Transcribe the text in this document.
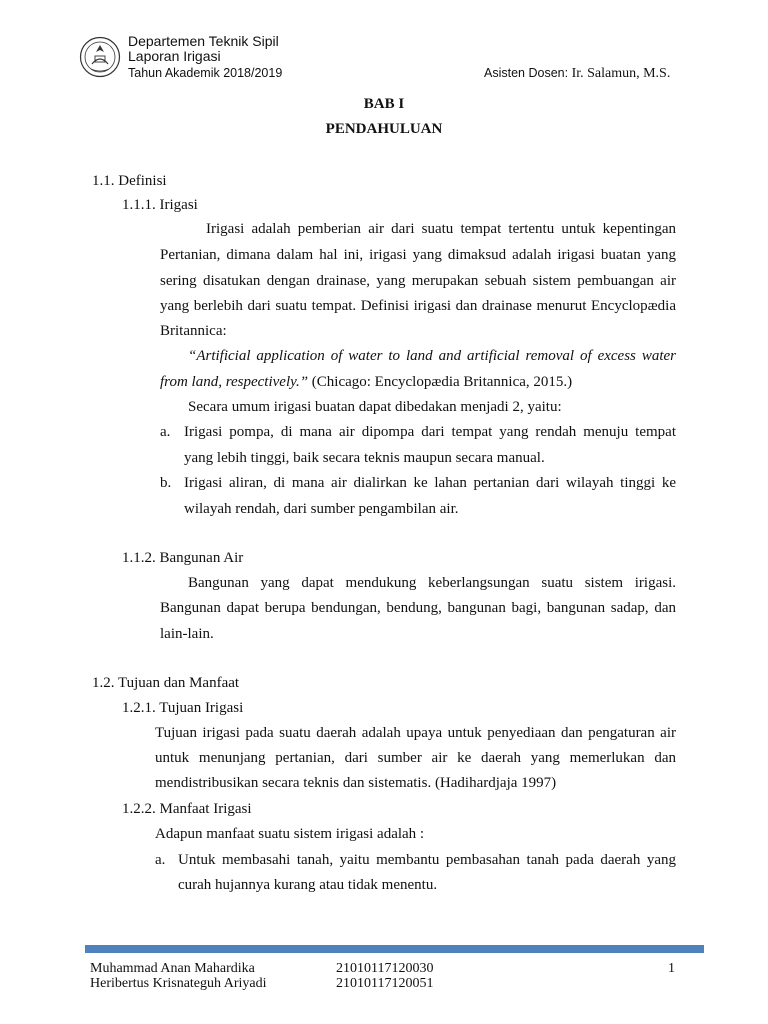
Departemen Teknik Sipil
Laporan Irigasi
Tahun Akademik 2018/2019	Asisten Dosen: Ir. Salamun, M.S.
BAB I
PENDAHULUAN
1.1. Definisi
1.1.1. Irigasi
Irigasi adalah pemberian air dari suatu tempat tertentu untuk kepentingan
Pertanian, dimana dalam hal ini, irigasi yang dimaksud adalah irigasi buatan yang
sering disatukan dengan drainase, yang merupakan sebuah sistem pembuangan air
yang berlebih dari suatu tempat. Definisi irigasi dan drainase menurut Encyclopædia
Britannica:
“Artificial application of water to land and artificial removal of excess water
from land, respectively.” (Chicago: Encyclopædia Britannica, 2015.)
Secara umum irigasi buatan dapat dibedakan menjadi 2, yaitu:
a. Irigasi pompa, di mana air dipompa dari tempat yang rendah menuju tempat
yang lebih tinggi, baik secara teknis maupun secara manual.
b. Irigasi aliran, di mana air dialirkan ke lahan pertanian dari wilayah tinggi ke
wilayah rendah, dari sumber pengambilan air.
1.1.2. Bangunan Air
Bangunan yang dapat mendukung keberlangsungan suatu sistem irigasi.
Bangunan dapat berupa bendungan, bendung, bangunan bagi, bangunan sadap, dan
lain-lain.
1.2. Tujuan dan Manfaat
1.2.1. Tujuan Irigasi
Tujuan irigasi pada suatu daerah adalah upaya untuk penyediaan dan pengaturan air
untuk menunjang pertanian, dari sumber air ke daerah yang memerlukan dan
mendistribusikan secara teknis dan sistematis. (Hadihardjaja 1997)
1.2.2. Manfaat Irigasi
Adapun manfaat suatu sistem irigasi adalah :
a. Untuk membasahi tanah, yaitu membantu pembasahan tanah pada daerah yang
curah hujannya kurang atau tidak menentu.
Muhammad Anan Mahardika
Heribertus Krisnateguh Ariyadi
21010117120030
21010117120051
1
